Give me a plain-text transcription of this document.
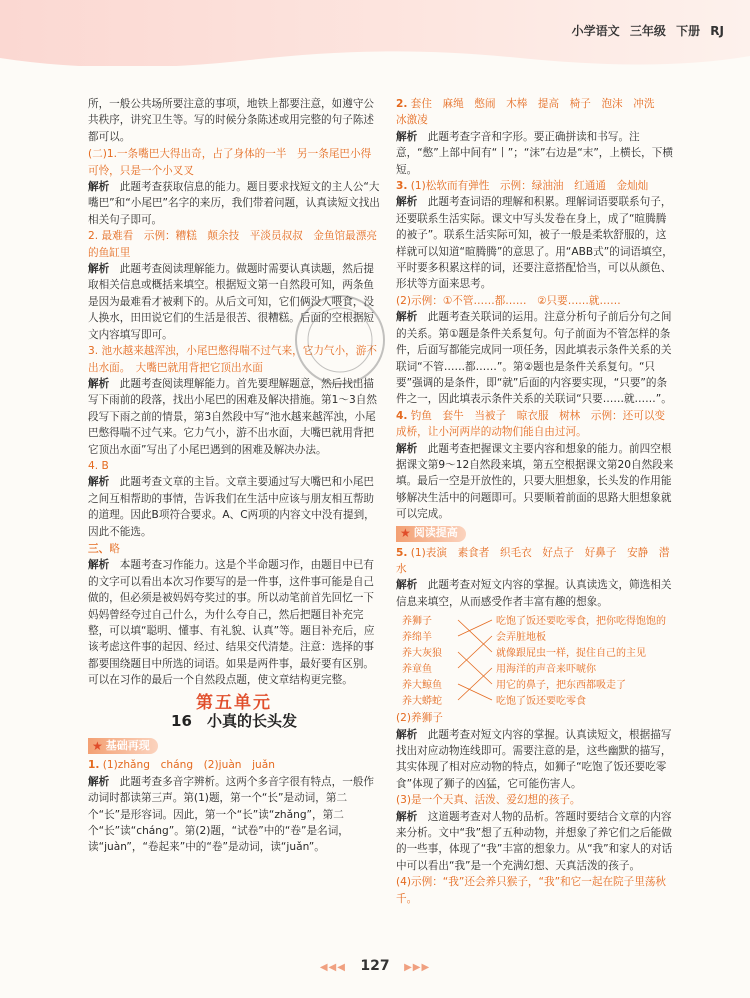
小学语文 三年级 下册 RJ

所，一般公共场所要注意的事项，地铁上都要注意，如遵守公共秩序，讲究卫生等。写的时候分条陈述或用完整的句子陈述都可以。

(二)1.一条嘴巴大得出奇，占了身体的一半　另一条尾巴小得可怜，只是一个小叉叉

解析　 此题考查获取信息的能力。题目要求找短文的主人公“大嘴巴”和“小尾巴”名字的来历，我们带着问题，认真读短文找出相关句子即可。

2. 最难看　示例：糟糕　颠余技　平淡员叔叔　金鱼馆最漂亮的鱼缸里

解析　 此题考查阅读理解能力。做题时需要认真读题，然后提取相关信息或概括来填空。根据短文第一自然段可知，两条鱼是因为最难看才被剩下的。从后文可知，它们俩没人喂食，没人换水，田田说它们的生活是很苦、很糟糕。后面的空根据短文内容填写即可。

3. 池水越来越浑浊，小尾巴憋得喘不过气来，它力气小，游不出水面。　大嘴巴就用背把它顶出水面

解析　 此题考查阅读理解能力。首先要理解题意，然后找出描写下雨前的段落，找出小尾巴的困难及解决措施。第1～3自然段写下雨之前的情景，第3自然段中写“池水越来越浑浊，小尾巴憋得喘不过气来。它力气小，游不出水面，大嘴巴就用背把它顶出水面”写出了小尾巴遇到的困难及解决办法。

4. B

解析　 此题考查文章的主旨。文章主要通过写大嘴巴和小尾巴之间互相帮助的事情，告诉我们在生活中应该与朋友相互帮助的道理。因此B项符合要求。A、C两项的内容文中没有提到，因此不能选。

三、略

解析　 本题考查习作能力。这是个半命题习作，由题目中已有的文字可以看出本次习作要写的是一件事，这件事可能是自己做的，但必须是被妈妈夸奖过的事。所以动笔前首先回忆一下妈妈曾经夸过自己什么，为什么夸自己，然后把题目补充完整，可以填“聪明、懂事、有礼貌、认真”等。题目补充后，应该考虑这件事的起因、经过、结果交代清楚。注意：选择的事都要围绕题目中所选的词语。如果是两件事，最好要有区别。可以在习作的最后一个自然段点题，使文章结构更完整。

第五单元
16　 小真的长头发
★ 基础再现

1. (1)zhǎng　cháng　(2)juàn　juǎn

解析　 此题考查多音字辨析。这两个多音字很有特点，一般作动词时都读第三声。第(1)题，第一个“长”是动词，第二个“长”是形容词。因此，第一个“长”读“zhǎng”，第二个“长”读“cháng”。第(2)题，“试卷”中的“卷”是名词，读“juàn”，“卷起来”中的“卷”是动词，读“juǎn”。

2. 套住　麻绳　憋闹　木棒　提高　椅子　泡沫　冲洗　冰激凌

解析　 此题考查字音和字形。要正确拼读和书写。注意，“憋”上部中间有“丨”；“沫”右边是“末”，上横长，下横短。

3. (1)松软而有弹性　示例：绿油油　红通通　金灿灿

解析　 此题考查词语的理解和积累。理解词语要联系句子，还要联系生活实际。课文中写头发卷在身上，成了“暄腾腾的被子”。联系生活实际可知，被子一般是柔软舒服的，这样就可以知道“暄腾腾”的意思了。用“ABB式”的词语填空，平时要多积累这样的词，还要注意搭配恰当，可以从颜色、形状等方面来思考。

(2)示例：①不管……都……　②只要……就……

解析　 此题考查关联词的运用。注意分析句子前后分句之间的关系。第①题是条件关系复句。句子前面为不管怎样的条件，后面写都能完成同一项任务，因此填表示条件关系的关联词“不管……都……”。第②题也是条件关系复句。“只要”强调的是条件，即“就”后面的内容要实现，“只要”的条件之一，因此填表示条件关系的关联词“只要……就……”。

4. 钓鱼　套牛　当被子　晾衣服　树林　示例：还可以变成桥，让小河两岸的动物们能自由过河。

解析　 此题考查把握课文主要内容和想象的能力。前四空根据课文第9～12自然段来填，第五空根据课文第20自然段来填。最后一空是开放性的，只要大胆想象，长头发的作用能够解决生活中的问题即可。只要顺着前面的思路大胆想象就可以完成。

★ 阅读提高

5. (1)表演　素食者　织毛衣　好点子　好鼻子　安静　潜水

解析　 此题考查对短文内容的掌握。认真读选文，筛选相关信息来填空，从而感受作者丰富有趣的想象。

养狮子
养绵羊
养大灰狼
养章鱼
养大鲸鱼
养大蟒蛇
吃饱了饭还要吃零食，把你吃得饱饱的
会弄脏地板
就像跟屁虫一样，捉住自己的主见
用海洋的声音来吓唬你
用它的鼻子，把东西都吸走了
吃饱了饭还要吃零食

(2)养狮子

解析　 此题考查对短文内容的掌握。认真读短文，根据描写找出对应动物连线即可。需要注意的是，这些幽默的描写，其实体现了相对应动物的特点，如狮子“吃饱了饭还要吃零食”体现了狮子的凶猛，它可能伤害人。

(3)是一个天真、活泼、爱幻想的孩子。

解析　 这道题考查对人物的品析。答题时要结合文章的内容来分析。文中“我”想了五种动物，并想象了养它们之后能做的一些事，体现了“我”丰富的想象力。从“我”和家人的对话中可以看出“我”是一个充满幻想、天真活泼的孩子。

(4)示例：“我”还会养只猴子，“我”和它一起在院子里荡秋千。

◀◀◀ 127 ▶▶▶
